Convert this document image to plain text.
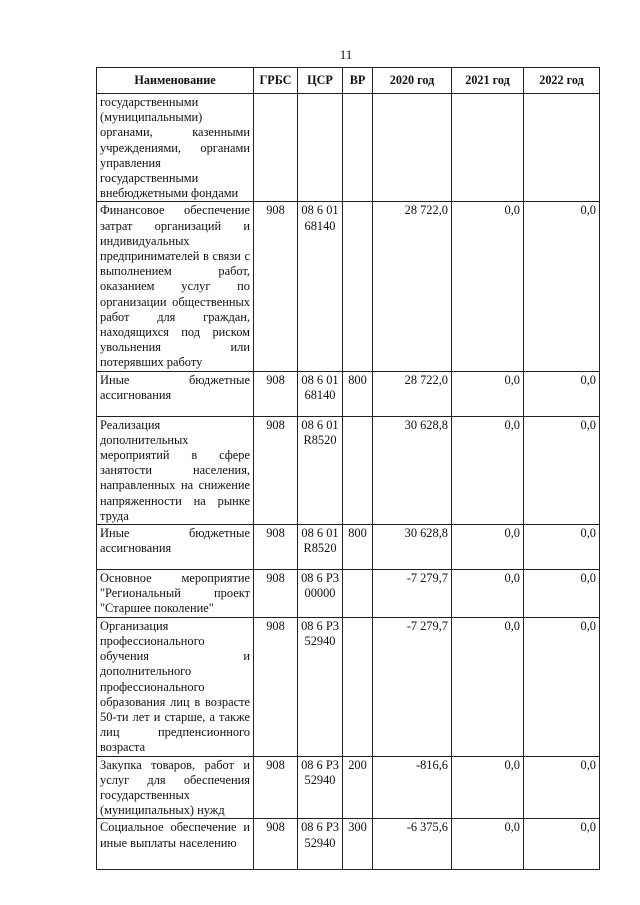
11
Наименование	ГРБС	ЦСР	ВР	2020 год	2021 год	2022 год
государственными (муниципальными) органами, казенными учреждениями, органами управления государственными внебюджетными фондами						
Финансовое обеспечение затрат организаций и индивидуальных предпринимателей в связи с выполнением работ, оказанием услуг по организации общественных работ для граждан, находящихся под риском увольнения или потерявших работу	908	08 6 01 68140		28 722,0	0,0	0,0
Иные бюджетные ассигнования	908	08 6 01 68140	800	28 722,0	0,0	0,0
Реализация дополнительных мероприятий в сфере занятости населения, направленных на снижение напряженности на рынке труда	908	08 6 01 R8520		30 628,8	0,0	0,0
Иные бюджетные ассигнования	908	08 6 01 R8520	800	30 628,8	0,0	0,0
Основное мероприятие "Региональный проект "Старшее поколение"	908	08 6 P3 00000		-7 279,7	0,0	0,0
Организация профессионального обучения и дополнительного профессионального образования лиц в возрасте 50-ти лет и старше, а также лиц предпенсионного возраста	908	08 6 P3 52940		-7 279,7	0,0	0,0
Закупка товаров, работ и услуг для обеспечения государственных (муниципальных) нужд	908	08 6 P3 52940	200	-816,6	0,0	0,0
Социальное обеспечение и иные выплаты населению	908	08 6 P3 52940	300	-6 375,6	0,0	0,0
